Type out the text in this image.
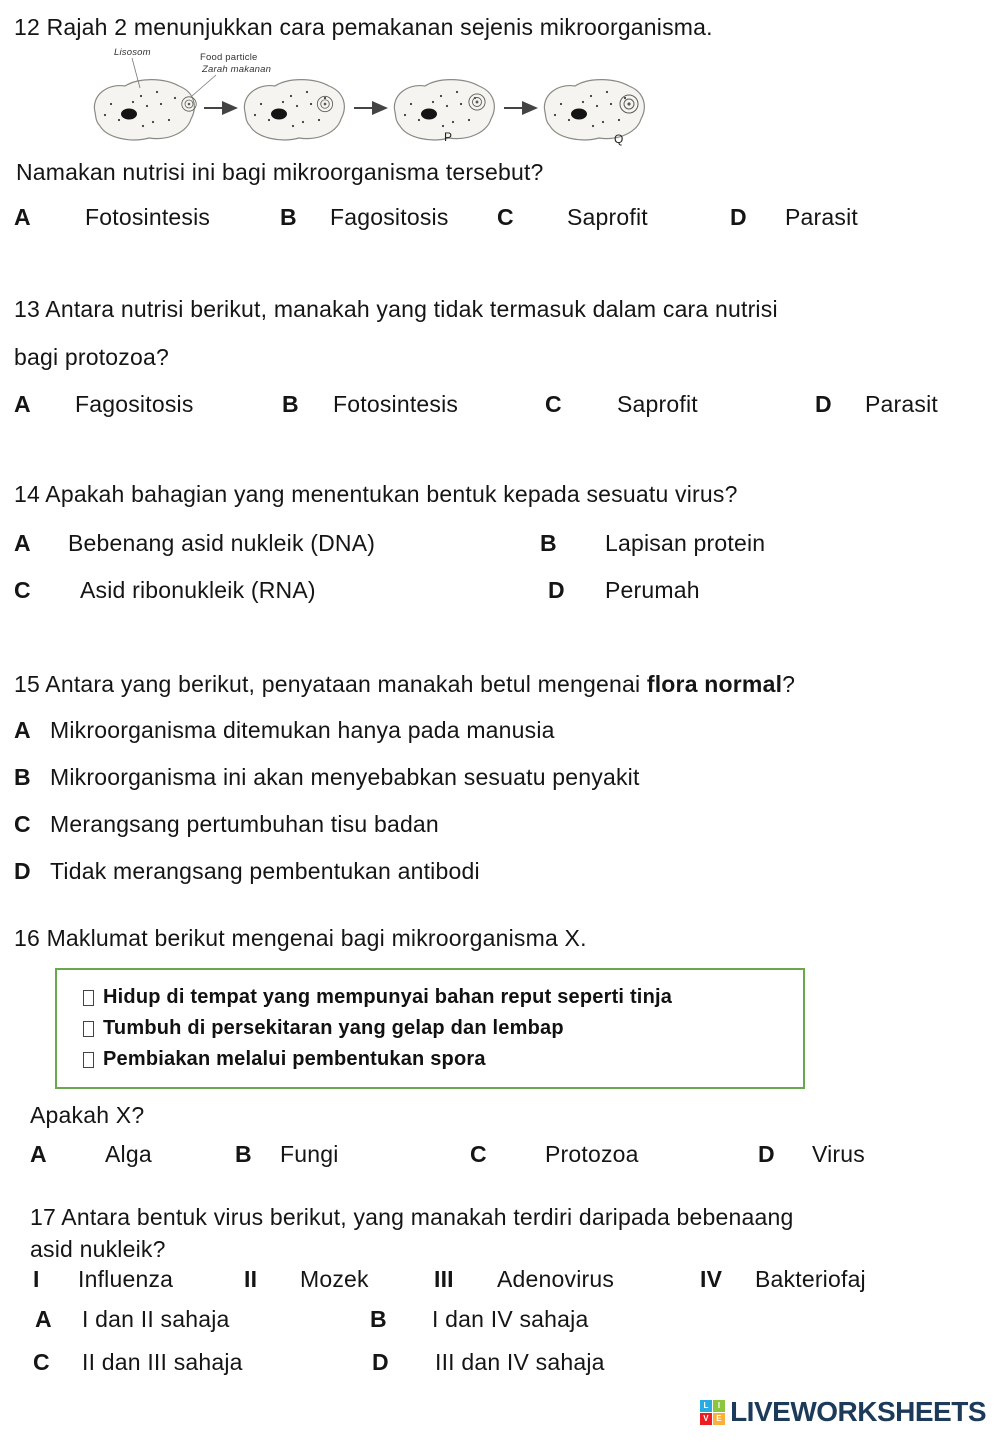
12 Rajah 2 menunjukkan cara pemakanan sejenis mikroorganisma.
Lisosom	Food particle
Zarah makanan
P	Q
Namakan nutrisi ini bagi mikroorganisma tersebut?
A	Fotosintesis	B	Fagositosis C	Saprofit	D	Parasit
13 Antara nutrisi berikut, manakah yang tidak termasuk dalam cara nutrisi
bagi protozoa?
A	Fagositosis	B	Fotosintesis	C	Saprofit	D	Parasit
14 Apakah bahagian yang menentukan bentuk kepada sesuatu virus?
A	Bebenang asid nukleik (DNA)	B	Lapisan protein
C	Asid ribonukleik (RNA)	D	Perumah
15 Antara yang berikut, penyataan manakah betul mengenai flora normal?
A Mikroorganisma ditemukan hanya pada manusia
B Mikroorganisma ini akan menyebabkan sesuatu penyakit
C Merangsang pertumbuhan tisu badan
D Tidak merangsang pembentukan antibodi
16 Maklumat berikut mengenai bagi mikroorganisma X.
Hidup di tempat yang mempunyai bahan reput seperti tinja
Tumbuh di persekitaran yang gelap dan lembap
Pembiakan melalui pembentukan spora
Apakah X?
A	Alga	B	Fungi	C	Protozoa	D	Virus
17 Antara bentuk virus berikut, yang manakah terdiri daripada bebenaang
asid nukleik?
I	Influenza	II	Mozek	III	Adenovirus	IV	Bakteriofaj
A	I dan II sahaja	B	I dan IV sahaja
C	II dan III sahaja	D	III dan IV sahaja
L	I
V E LIVEWORKSHEETS
